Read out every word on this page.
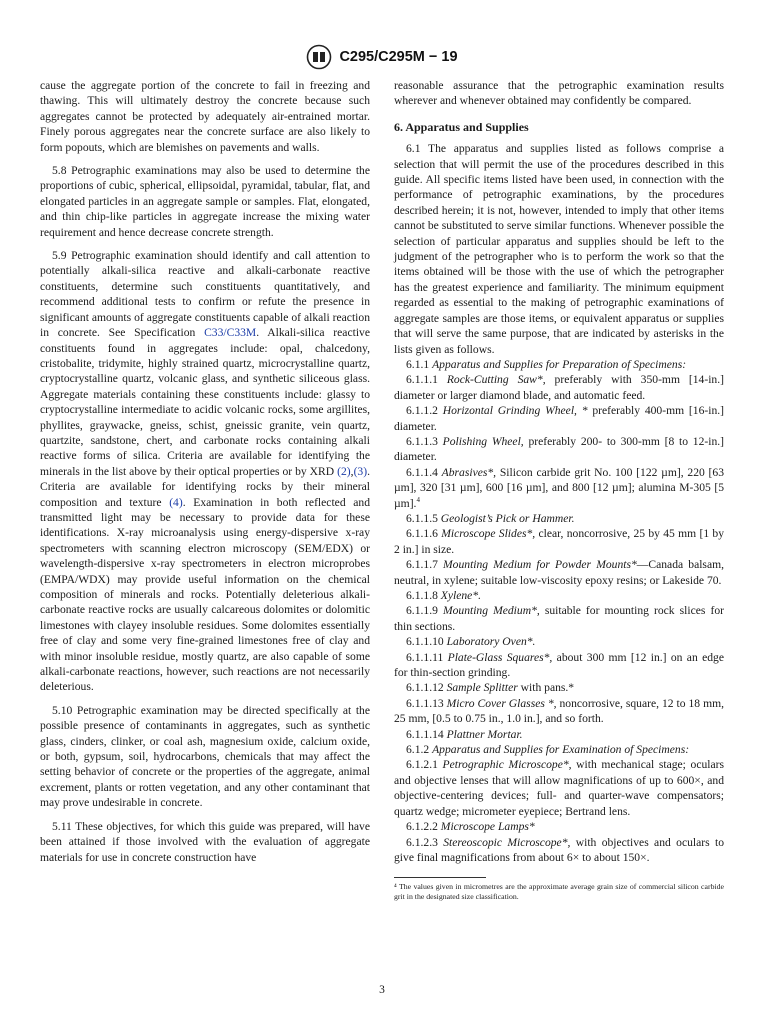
C295/C295M − 19

cause the aggregate portion of the concrete to fail in freezing and thawing. This will ultimately destroy the concrete because such aggregates cannot be protected by adequately air-entrained mortar. Finely porous aggregates near the concrete surface are also likely to form popouts, which are blemishes on pavements and walls.

5.8 Petrographic examinations may also be used to determine the proportions of cubic, spherical, ellipsoidal, pyramidal, tabular, flat, and elongated particles in an aggregate sample or samples. Flat, elongated, and thin chip-like particles in aggregate increase the mixing water requirement and hence decrease concrete strength.

5.9 Petrographic examination should identify and call attention to potentially alkali-silica reactive and alkali-carbonate reactive constituents, determine such constituents quantitatively, and recommend additional tests to confirm or refute the presence in significant amounts of aggregate constituents capable of alkali reaction in concrete. See Specification C33/C33M. Alkali-silica reactive constituents found in aggregates include: opal, chalcedony, cristobalite, tridymite, highly strained quartz, microcrystalline quartz, cryptocrystalline quartz, volcanic glass, and synthetic siliceous glass. Aggregate materials containing these constituents include: glassy to cryptocrystalline intermediate to acidic volcanic rocks, some argillites, phyllites, graywacke, gneiss, schist, gneissic granite, vein quartz, quartzite, sandstone, chert, and carbonate rocks containing alkali reactive forms of silica. Criteria are available for identifying the minerals in the list above by their optical properties or by XRD (2),(3). Criteria are available for identifying rocks by their mineral composition and texture (4). Examination in both reflected and transmitted light may be necessary to provide data for these identifications. X-ray microanalysis using energy-dispersive x-ray spectrometers with scanning electron microscopy (SEM/EDX) or wavelength-dispersive x-ray spectrometers in electron microprobes (EMPA/WDX) may provide useful information on the chemical composition of minerals and rocks. Potentially deleterious alkali-carbonate reactive rocks are usually calcareous dolomites or dolomitic limestones with clayey insoluble residues. Some dolomites essentially free of clay and some very fine-grained limestones free of clay and with minor insoluble residue, mostly quartz, are also capable of some alkali-carbonate reactions, however, such reactions are not necessarily deleterious.

5.10 Petrographic examination may be directed specifically at the possible presence of contaminants in aggregates, such as synthetic glass, cinders, clinker, or coal ash, magnesium oxide, calcium oxide, or both, gypsum, soil, hydrocarbons, chemicals that may affect the setting behavior of concrete or the properties of the aggregate, animal excrement, plants or rotten vegetation, and any other contaminant that may prove undesirable in concrete.

5.11 These objectives, for which this guide was prepared, will have been attained if those involved with the evaluation of aggregate materials for use in concrete construction have

reasonable assurance that the petrographic examination results wherever and whenever obtained may confidently be compared.

6. Apparatus and Supplies

6.1 The apparatus and supplies listed as follows comprise a selection that will permit the use of the procedures described in this guide. All specific items listed have been used, in connection with the performance of petrographic examinations, by the procedures described herein; it is not, however, intended to imply that other items cannot be substituted to serve similar functions. Whenever possible the selection of particular apparatus and supplies should be left to the judgment of the petrographer who is to perform the work so that the items obtained will be those with the use of which the petrographer has the greatest experience and familiarity. The minimum equipment regarded as essential to the making of petrographic examinations of aggregate samples are those items, or equivalent apparatus or supplies that will serve the same purpose, that are indicated by asterisks in the lists given as follows.

6.1.1 Apparatus and Supplies for Preparation of Specimens:

6.1.1.1 Rock-Cutting Saw*, preferably with 350-mm [14-in.] diameter or larger diamond blade, and automatic feed.

6.1.1.2 Horizontal Grinding Wheel, * preferably 400-mm [16-in.] diameter.

6.1.1.3 Polishing Wheel, preferably 200- to 300-mm [8 to 12-in.] diameter.

6.1.1.4 Abrasives*, Silicon carbide grit No. 100 [122 µm], 220 [63 µm], 320 [31 µm], 600 [16 µm], and 800 [12 µm]; alumina M-305 [5 µm].$^4$

6.1.1.5 Geologist’s Pick or Hammer.

6.1.1.6 Microscope Slides*, clear, noncorrosive, 25 by 45 mm [1 by 2 in.] in size.

6.1.1.7 Mounting Medium for Powder Mounts*—Canada balsam, neutral, in xylene; suitable low-viscosity epoxy resins; or Lakeside 70.

6.1.1.8 Xylene*.

6.1.1.9 Mounting Medium*, suitable for mounting rock slices for thin sections.

6.1.1.10 Laboratory Oven*.

6.1.1.11 Plate-Glass Squares*, about 300 mm [12 in.] on an edge for thin-section grinding.

6.1.1.12 Sample Splitter with pans.*

6.1.1.13 Micro Cover Glasses *, noncorrosive, square, 12 to 18 mm, 25 mm, [0.5 to 0.75 in., 1.0 in.], and so forth.

6.1.1.14 Plattner Mortar.

6.1.2 Apparatus and Supplies for Examination of Specimens:

6.1.2.1 Petrographic Microscope*, with mechanical stage; oculars and objective lenses that will allow magnifications of up to 600×, and objective-centering devices; full- and quarter-wave compensators; quartz wedge; micrometer eyepiece; Bertrand lens.

6.1.2.2 Microscope Lamps*

6.1.2.3 Stereoscopic Microscope*, with objectives and oculars to give final magnifications from about 6× to about 150×.

⁴ The values given in micrometres are the approximate average grain size of commercial silicon carbide grit in the designated size classification.

3
